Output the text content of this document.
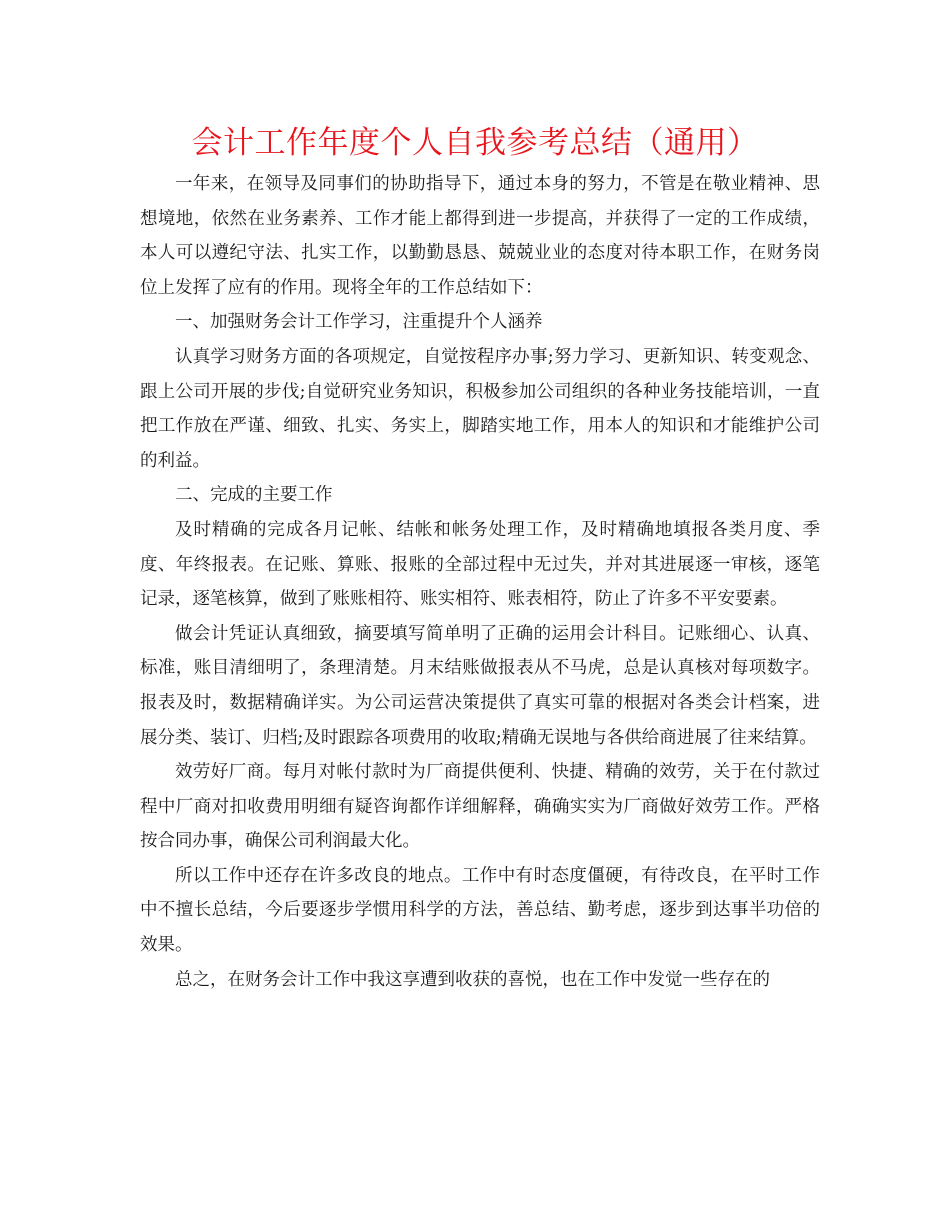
会计工作年度个人自我参考总结（通用）

一年来，在领导及同事们的协助指导下，通过本身的努力，不管是在敬业精神、思想境地，依然在业务素养、工作才能上都得到进一步提高，并获得了一定的工作成绩，本人可以遵纪守法、扎实工作，以勤勤恳恳、兢兢业业的态度对待本职工作，在财务岗位上发挥了应有的作用。现将全年的工作总结如下：

一、加强财务会计工作学习，注重提升个人涵养

认真学习财务方面的各项规定，自觉按程序办事;努力学习、更新知识、转变观念、跟上公司开展的步伐;自觉研究业务知识，积极参加公司组织的各种业务技能培训，一直把工作放在严谨、细致、扎实、务实上，脚踏实地工作，用本人的知识和才能维护公司的利益。

二、完成的主要工作

及时精确的完成各月记帐、结帐和帐务处理工作，及时精确地填报各类月度、季度、年终报表。在记账、算账、报账的全部过程中无过失，并对其进展逐一审核，逐笔记录，逐笔核算，做到了账账相符、账实相符、账表相符，防止了许多不平安要素。

做会计凭证认真细致，摘要填写简单明了正确的运用会计科目。记账细心、认真、标准，账目清细明了，条理清楚。月末结账做报表从不马虎，总是认真核对每项数字。报表及时，数据精确详实。为公司运营决策提供了真实可靠的根据对各类会计档案，进展分类、装订、归档;及时跟踪各项费用的收取;精确无误地与各供给商进展了往来结算。

效劳好厂商。每月对帐付款时为厂商提供便利、快捷、精确的效劳，关于在付款过程中厂商对扣收费用明细有疑咨询都作详细解释，确确实实为厂商做好效劳工作。严格按合同办事，确保公司利润最大化。

所以工作中还存在许多改良的地点。工作中有时态度僵硬，有待改良，在平时工作中不擅长总结，今后要逐步学惯用科学的方法，善总结、勤考虑，逐步到达事半功倍的效果。

总之，在财务会计工作中我这享遭到收获的喜悦，也在工作中发觉一些存在的
